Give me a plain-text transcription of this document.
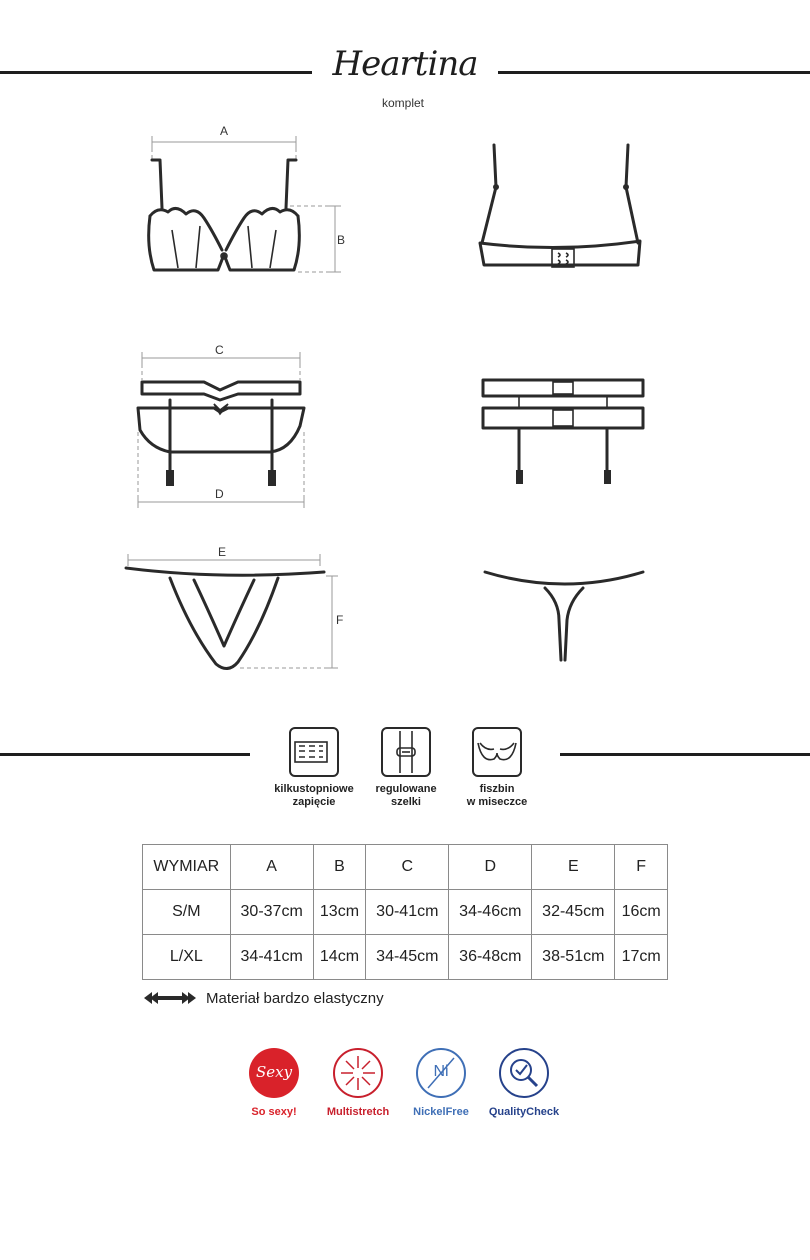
Heartina
komplet
A
B
C
D
E
F
kilkustopniowe
zapięcie
regulowane
szelki
fiszbin
w miseczce
WYMIAR	A	B	C	D	E	F
S/M	30-37cm	13cm	30-41cm	34-46cm	32-45cm	16cm
L/XL	34-41cm	14cm	34-45cm	36-48cm	38-51cm	17cm
Materiał bardzo elastyczny
Sexy
So sexy!	Multistretch
Ni
NickelFree	QualityCheck
